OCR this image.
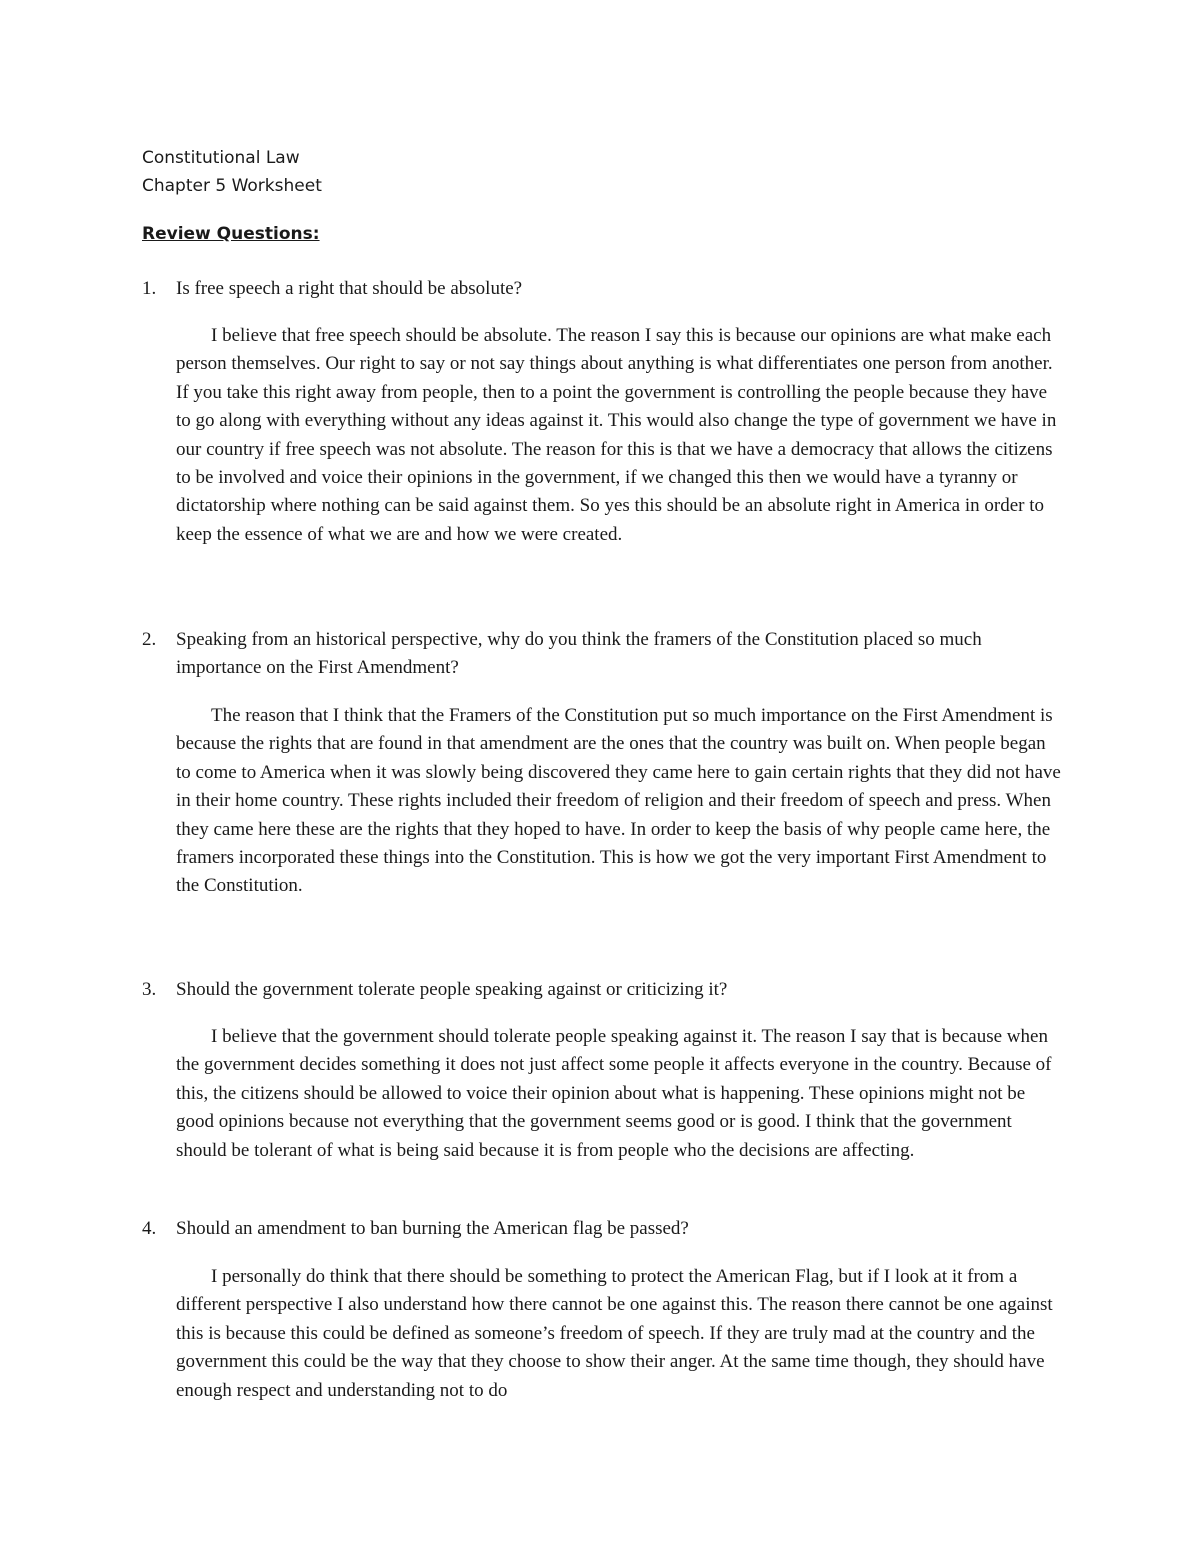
Constitutional Law
Chapter 5 Worksheet
Review Questions:
1. Is free speech a right that should be absolute?
I believe that free speech should be absolute. The reason I say this is because our opinions are what make each person themselves. Our right to say or not say things about anything is what differentiates one person from another. If you take this right away from people, then to a point the government is controlling the people because they have to go along with everything without any ideas against it. This would also change the type of government we have in our country if free speech was not absolute. The reason for this is that we have a democracy that allows the citizens to be involved and voice their opinions in the government, if we changed this then we would have a tyranny or dictatorship where nothing can be said against them. So yes this should be an absolute right in America in order to keep the essence of what we are and how we were created.
2. Speaking from an historical perspective, why do you think the framers of the Constitution placed so much importance on the First Amendment?
The reason that I think that the Framers of the Constitution put so much importance on the First Amendment is because the rights that are found in that amendment are the ones that the country was built on. When people began to come to America when it was slowly being discovered they came here to gain certain rights that they did not have in their home country. These rights included their freedom of religion and their freedom of speech and press. When they came here these are the rights that they hoped to have. In order to keep the basis of why people came here, the framers incorporated these things into the Constitution. This is how we got the very important First Amendment to the Constitution.
3. Should the government tolerate people speaking against or criticizing it?
I believe that the government should tolerate people speaking against it. The reason I say that is because when the government decides something it does not just affect some people it affects everyone in the country. Because of this, the citizens should be allowed to voice their opinion about what is happening. These opinions might not be good opinions because not everything that the government seems good or is good. I think that the government should be tolerant of what is being said because it is from people who the decisions are affecting.
4. Should an amendment to ban burning the American flag be passed?
I personally do think that there should be something to protect the American Flag, but if I look at it from a different perspective I also understand how there cannot be one against this. The reason there cannot be one against this is because this could be defined as someone’s freedom of speech. If they are truly mad at the country and the government this could be the way that they choose to show their anger. At the same time though, they should have enough respect and understanding not to do
